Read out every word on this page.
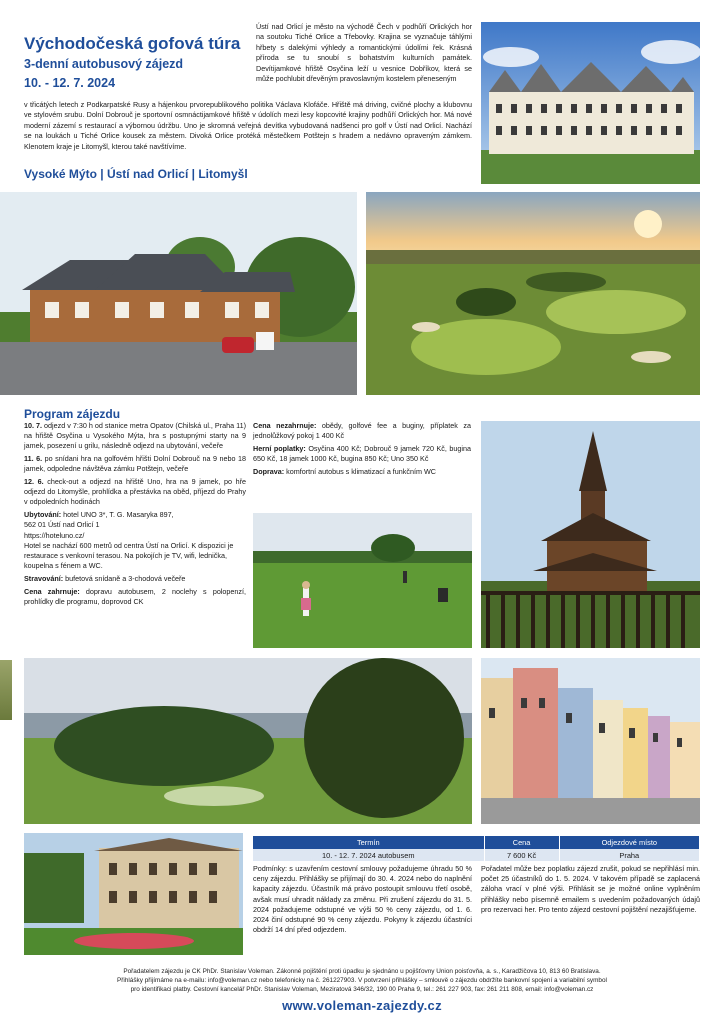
Východočeská gofová túra
3-denní autobusový zájezd
10. - 12. 7. 2024

Ústí nad Orlicí je město na východě Čech v podhůří Orlických hor na soutoku Tiché Orlice a Třebovky. Krajina se vyznačuje táhlými hřbety s dalekými výhledy a romantickými údolími řek. Krásná příroda se tu snoubí s bohatstvím kulturních památek. Devítijamkové hřiště Osyčina leží u vesnice Dobříkov, která se může pochlubit dřevěným pravoslavným kostelem přeneseným

v třicátých letech z Podkarpatské Rusy a hájenkou prvorepublikového politika Václava Klofáče. Hřiště má driving, cvičné plochy a klubovnu ve stylovém srubu. Dolní Dobrouč je sportovní osmnáctijamkové hřiště v údolích mezi lesy kopcovité krajiny podhůří Orlických hor. Má nové moderní zázemí s restaurací a výbornou údržbu. Uno je skromná veřejná devítka vybudovaná nadšenci pro golf v Ústí nad Orlicí. Nachází se na loukách u Tiché Orlice kousek za městem. Divoká Orlice protéká městečkem Potštejn s hradem a nedávno opraveným zámkem. Klenotem kraje je Litomyšl, kterou také navštívíme.

Vysoké Mýto | Ústí nad Orlicí | Litomyšl
Program zájezdu

10. 7. odjezd v 7:30 h od stanice metra Opatov (Chilská ul., Praha 11) na hřiště Osyčina u Vysokého Mýta, hra s postupnými starty na 9 jamek, posezení u grilu, následně odjezd na ubytování, večeře

11. 6. po snídani hra na golfovém hřišti Dolní Dobrouč na 9 nebo 18 jamek, odpoledne návštěva zámku Potštejn, večeře

12. 6. check-out a odjezd na hřiště Uno, hra na 9 jamek, po hře odjezd do Litomyšle, prohlídka a přestávka na oběd, příjezd do Prahy v odpoledních hodinách

Ubytování: hotel UNO 3*, T. G. Masaryka 897,
562 01 Ústí nad Orlicí 1
https://hoteluno.cz/
Hotel se nachází 600 metrů od centra Ústí na Orlicí. K dispozici je restaurace s venkovní terasou. Na pokojích je TV, wifi, lednička, koupelna s fénem a WC.

Stravování: bufetová snídaně a 3-chodová večeře

Cena zahrnuje: dopravu autobusem, 2 noclehy s polopenzí, prohlídky dle programu, doprovod CK

Cena nezahrnuje: obědy, golfové fee a buginy, příplatek za jednolůžkový pokoj 1 400 Kč

Herní poplatky: Osyčina 400 Kč; Dobrouč 9 jamek 720 Kč, bugina 650 Kč, 18 jamek 1000 Kč, bugina 850 Kč; Uno 350 Kč

Doprava: komfortní autobus s klimatizací a funkčním WC

Termín	Cena	Odjezdové místo
10. - 12. 7. 2024 autobusem	7 600 Kč	Praha

Podmínky: s uzavřením cestovní smlouvy požadujeme úhradu 50 % ceny zájezdu. Přihlášky se přijímají do 30. 4. 2024 nebo do naplnění kapacity zájezdu. Účastník má právo postoupit smlouvu třetí osobě, avšak musí uhradit náklady za změnu. Při zrušení zájezdu do 31. 5. 2024 požadujeme odstupné ve výši 50 % ceny zájezdu, od 1. 6. 2024 činí odstupné 90 % ceny zájezdu. Pokyny k zájezdu účastníci obdrží 14 dní před odjezdem.

Pořadatel může bez poplatku zájezd zrušit, pokud se nepřihlásí min. počet 25 účastníků do 1. 5. 2024. V takovém případě se zaplacená záloha vrací v plné výši. Přihlásit se je možné online vyplněním přihlášky nebo písemně emailem s uvedením požadovaných údajů pro rezervaci her. Pro tento zájezd cestovní pojištění nezajišťujeme.

Pořadatelem zájezdu je CK PhDr. Stanislav Voleman. Zákonné pojištění proti úpadku je sjednáno u pojišťovny Union poisťovňa, a. s., Karadžičova 10, 813 60 Bratislava.
Přihlášky přijímáme na e-mailu: info@voleman.cz nebo telefonicky na č. 261227903. V potvrzení přihlášky – smlouvě o zájezdu obdržíte bankovní spojení a variabilní symbol
pro identifikaci platby. Cestovní kancelář PhDr. Stanislav Voleman, Meziratová 346/32, 190 00 Praha 9, tel.: 261 227 903, fax: 261 211 808, email: info@voleman.cz
www.voleman-zajezdy.cz
